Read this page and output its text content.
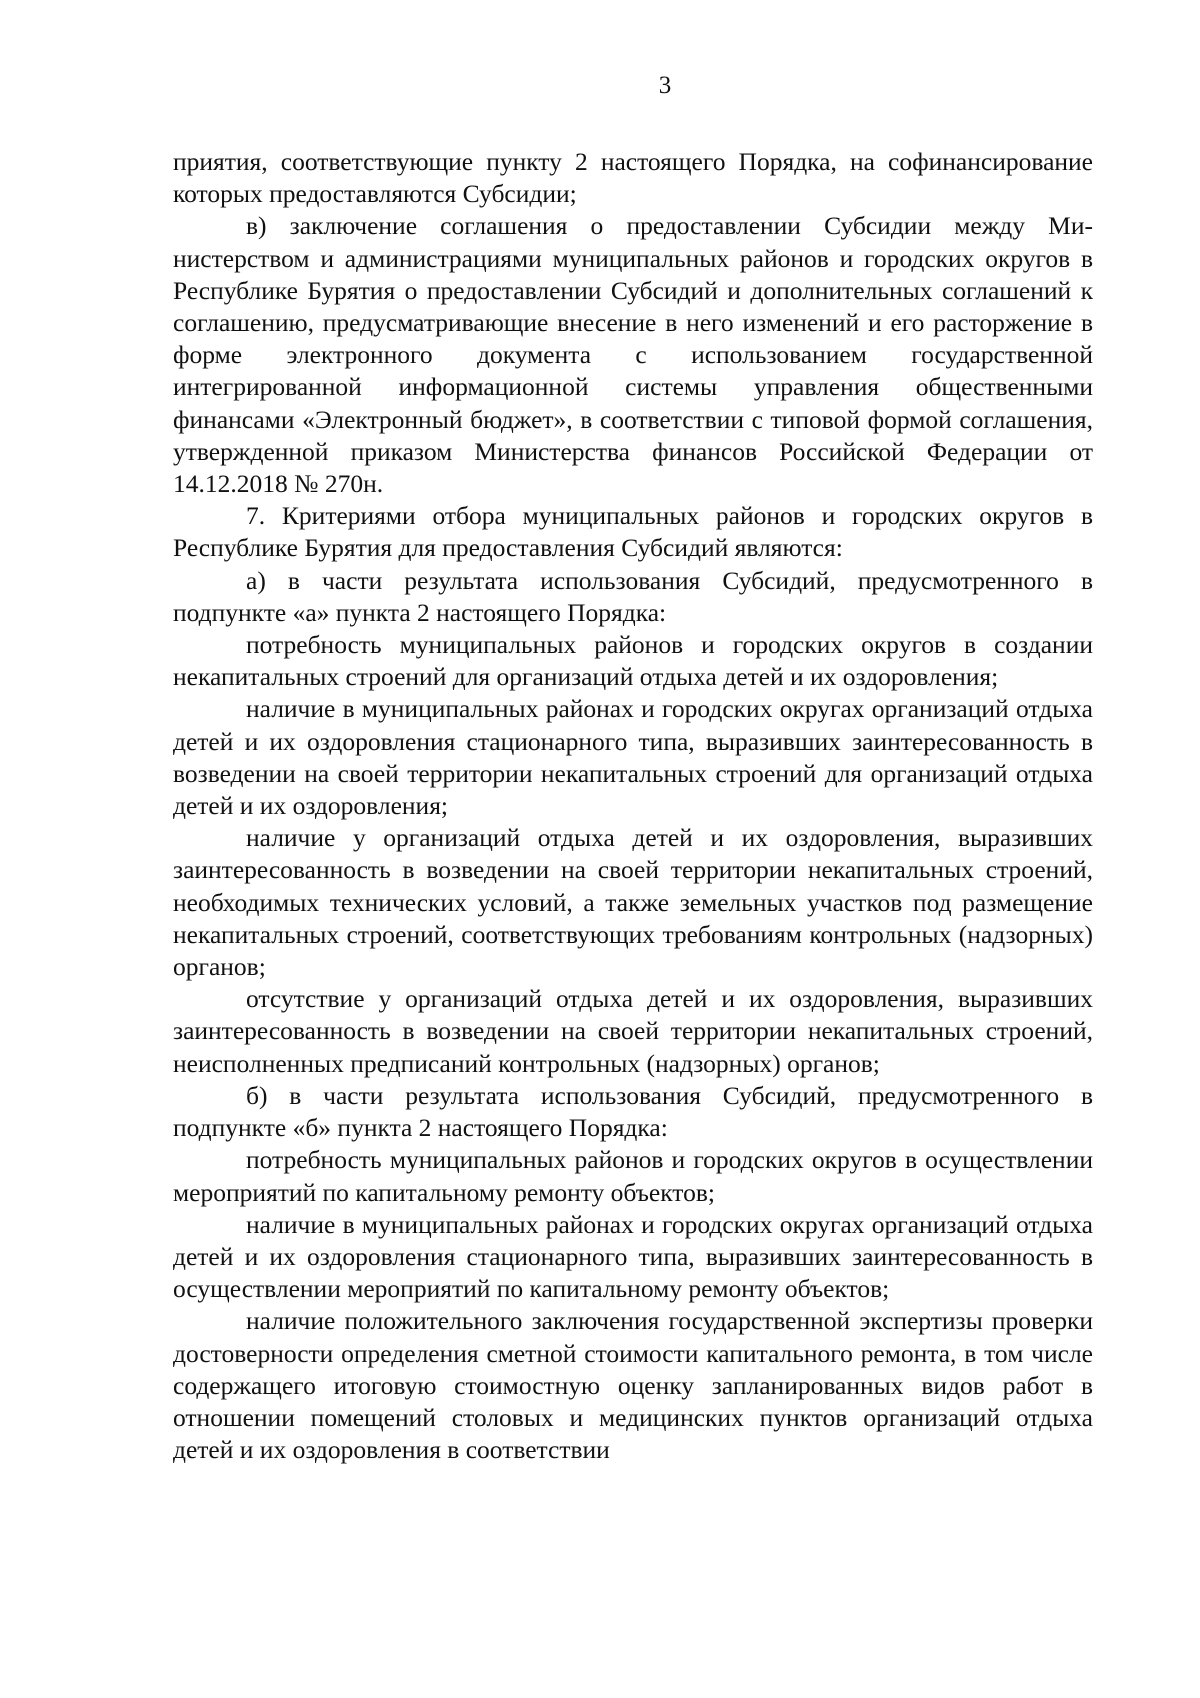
3

приятия, соответствующие пункту 2 настоящего Порядка, на софинансирование которых предоставляются Субсидии;

в) заключение соглашения о предоставлении Субсидии между Министерством и администрациями муниципальных районов и городских округов в Республике Бурятия о предоставлении Субсидий и дополнительных соглашений к соглашению, предусматривающие внесение в него изменений и его расторжение в форме электронного документа с использованием государственной интегрированной информационной системы управления общественными финансами «Электронный бюджет», в соответствии с типовой формой соглашения, утвержденной приказом Министерства финансов Российской Федерации от 14.12.2018 № 270н.

7. Критериями отбора муниципальных районов и городских округов в Республике Бурятия для предоставления Субсидий являются:

а) в части результата использования Субсидий, предусмотренного в подпункте «а» пункта 2 настоящего Порядка:

потребность муниципальных районов и городских округов в создании некапитальных строений для организаций отдыха детей и их оздоровления;

наличие в муниципальных районах и городских округах организаций отдыха детей и их оздоровления стационарного типа, выразивших заинтересованность в возведении на своей территории некапитальных строений для организаций отдыха детей и их оздоровления;

наличие у организаций отдыха детей и их оздоровления, выразивших заинтересованность в возведении на своей территории некапитальных строений, необходимых технических условий, а также земельных участков под размещение некапитальных строений, соответствующих требованиям контрольных (надзорных) органов;

отсутствие у организаций отдыха детей и их оздоровления, выразивших заинтересованность в возведении на своей территории некапитальных строений, неисполненных предписаний контрольных (надзорных) органов;

б) в части результата использования Субсидий, предусмотренного в подпункте «б» пункта 2 настоящего Порядка:

потребность муниципальных районов и городских округов в осуществлении мероприятий по капитальному ремонту объектов;

наличие в муниципальных районах и городских округах организаций отдыха детей и их оздоровления стационарного типа, выразивших заинтересованность в осуществлении мероприятий по капитальному ремонту объектов;

наличие положительного заключения государственной экспертизы проверки достоверности определения сметной стоимости капитального ремонта, в том числе содержащего итоговую стоимостную оценку запланированных видов работ в отношении помещений столовых и медицинских пунктов организаций отдыха детей и их оздоровления в соответствии
